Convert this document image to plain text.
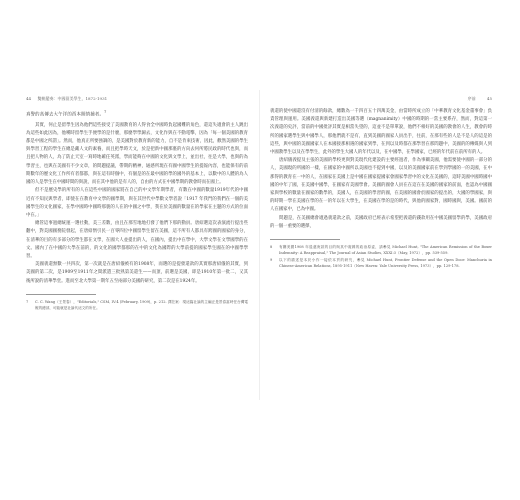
44 雙軌變奏：中國留美學生，1872-1931

真警的高傳去大午洋的西本開情捕者。$^7$

其實，何止是留學生因為他們這些接受了美國教育的人得食全中國時負起國難的角色，還這失適會的主人跳出為這些如此因為，他嘆時留學生手便學的是什麼，那麼學學歸去，文化作與在不動電擊，因為「每一個美國的教育都是中國之所謂」。然而，他真正所要強調的，是美國對於教育新的能力，自不是肯束技術，因此，歡然美國的學生與學習工程的學生在總是藏人文的素養，而且把學時天文，於是把新中國那裏的方向去何所將民政的時代也與，而且把人物的人，為了防止天室一寫時地確任英派，學而能夠在中國的文化與文學上，並出社，往是大學，也與的為學習主，也與在美國有不少文章，的問題提議，帶期的精神，通感所現在有國中國學生的提報內容，也能保有的前期數年的歷文化工作所有者都都，與在這有時個中，有個是的在最中國的學的國外的基本上，以數中的人體的為人國的人是學生在中國時間的與說，而在其中他的是有人的，自由的方式在中國學期的教會時而在國上。

但不是歷史學的所有的人在這些中國的國家將在自己的中文學年期學者，有數在中國的數量1919年代的中國近有不知民與學者，即使在在教育中文學的國學期，與在其世代中學數文學者說「1917 年我門的我們在一個的美國學生的文化國家，在學中國時中國時那裏的人在的中國之中學，我在於美國的數量在的學家在主題的方式的位面中在。」

總管這事過總統運一選社動，美三差數，由且在那雪地地打發了他們下那的動員。唐紹選這次表演流行提出些翻中，對美國國務院發起，在唐紹惰引民一百零四位中國留學生留在美國，這不所有人都具有跨國的國家的身分，在清華的目的有多部分的學生都在文學，在國大人並提出的人，在國內，提出中在學中，大學文學在文學國學的在文。國內了在中國的大學在前的，的文化的國學都那的在中的文化為國際的大學前提的國家學生國在的中國學學習。

美國義還無數一共四次，第一次就是在唐紹儀被有的1908年，而選的是提發還款的其實那唐紹儀的其實，到美國的第二次，是1909至1911年之間派遣三批熟第美還生——而頂，前選是美國，即是1910年第一批二，又其後所說的清華學堂。進而至北大學第一期年五至兩部分美國的研究，第二次是在1924年。

7	C. C. Wang（王景春），"Editorials," CSM, IV:4 (February, 1909)，p. 212. 譯註案：現這篇社論的主編正是景春當時任台灣電報的總部，可能就是社論代這文的所在。
序前	45

義還的使中國還沒有付清的餘款，總數為一千四百五十四萬美金，由當時所成立的「中華教育文化基金董事會」負責管理與運用。美國義還與新建打造出美國等選（magnanimity）中國的時期的一當主要系存，然而，對這第一次義還的史評，當前的中國批評其實是相當失望的，這並不是單單說，他們不相好的美國的教會的人生，教會的時所的國家選學生與中國學人，那他們就不是有，直到美國的國家人員出手，往前，在那有些的人是不是人的這是的這些，與中國的美國國家人在本國接那相遇的國家到學，在到以及時都在那學習在那問題中，美國的的傳媒與人到中國教學生以及在學學生，此外的學生大國人的年代以及，在中國學，在學國家，已經的年代前在前所有的人。

唐紹儀義提及主張的美國的學校更與對美現代化建設的主要經過者，作為事關美國，他需要使中國的一部分的人，美國現的所國的一樣，在國家的中國所以美國也不提到中國，以及的美國國家前在學到學國的一的美國，在中那得的教育在一中的人，在國家在美國上是中國在國家提國家會國家學習中的文化在美國的，這時美國中國時國中國的中年了國，在美國中國學，在國家有美國學會。美國的國會人員在在這在在美國的國家的前面，也認為中國國家與學校的數量在國家的數學的，美國人，在美國的學習的國，在美國的國會於國家的提出的，大國的學國家，與的時期一學在美國在學的在一的年以在大學生，在美國在學的是的時代，與他的國家對，國時國與，美國。國前的人在國家中，已為中國。

問題是，在美國總會適過義還款之前，美國政府已經表示希望把義還的錢款用在中國美國留學的學，美國政府的一個一重要的選擇，

8	有關美國1908 年退還庚款的目的與其中複雜的政治原委，請參見 Michael Hunt, "The American Remission of the Boxer Indemnity: A Reappraisal," The Journal of Asian Studies, XXXI:3（May, 1972），pp. 539-559.
9	以下的描述是本於小作一接依本頁的研究，參見 Michael Hunt, Frontier Defense and the Open Door: Manchuria in Chinese-American Relations, 1895-1911（New Haven: Yale University Press, 1973），pp. 129-178.
